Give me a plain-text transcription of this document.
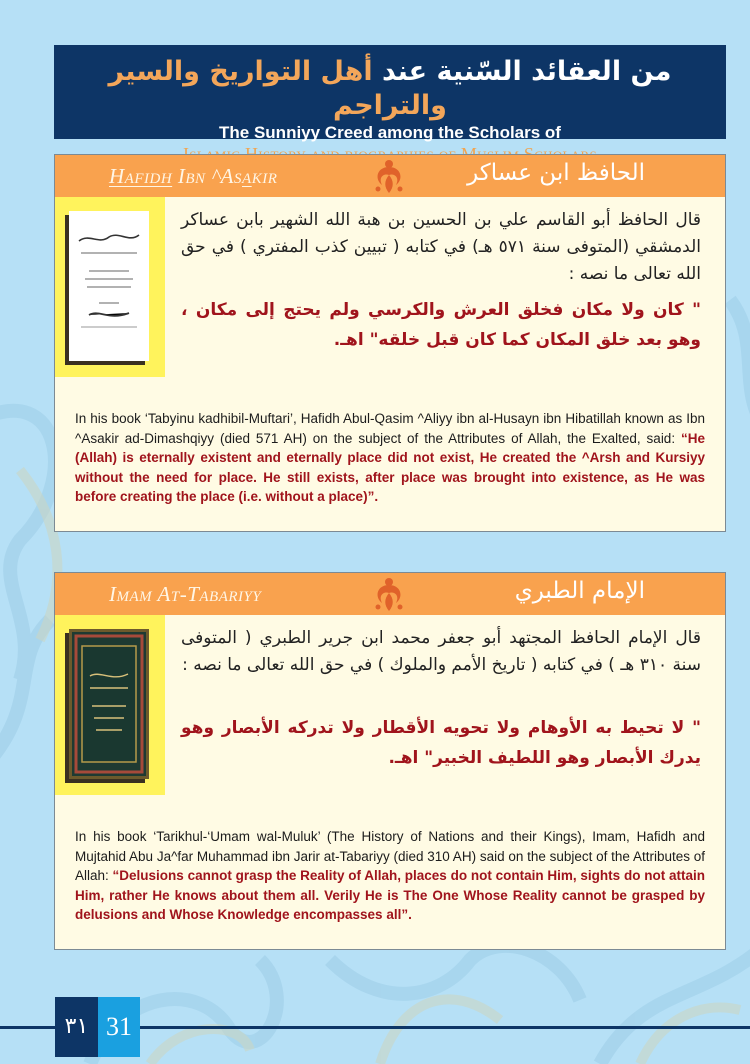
من العقائد السّنية عند أهل التواريخ والسير والتراجم
The Sunniyy Creed among the Scholars of
Hafidh Ibn ^Asakir	الحافظ ابن عساكر
قال الحافظ أبو القاسم علي بن الحسين بن هبة الله الشهير بابن عساكر الدمشقي (المتوفى سنة ٥٧١ هـ) في كتابه ( تبيين كذب المفتري ) في حق الله تعالى ما نصه :
" كان ولا مكان فخلق العرش والكرسي ولم يحتج إلى مكان ، وهو بعد خلق المكان كما كان قبل خلقه" اهـ.
In his book ‘Tabyinu kadhibil-Muftari’, Hafidh Abul-Qasim ^Aliyy ibn al-Husayn ibn Hibatillah known as Ibn ^Asakir ad-Dimashqiyy (died 571 AH) on the subject of the Attributes of Allah, the Exalted, said: “He (Allah) is eternally existent and eternally place did not exist, He created the ^Arsh and Kursiyy without the need for place. He still exists, after place was brought into existence, as He was before creating the place (i.e. without a place)”.
Imam At-Tabariyy	الإمام الطبري
قال الإمام الحافظ المجتهد أبو جعفر محمد ابن جرير الطبري ( المتوفى سنة ٣١٠ هـ ) في كتابه ( تاريخ الأمم والملوك ) في حق الله تعالى ما نصه :
" لا تحيط به الأوهام ولا تحويه الأقطار ولا تدركه الأبصار وهو يدرك الأبصار وهو اللطيف الخبير" اهـ.
In his book ‘Tarikhul-‘Umam wal-Muluk’ (The History of Nations and their Kings), Imam, Hafidh and Mujtahid Abu Ja^far Muhammad ibn Jarir at-Tabariyy (died 310 AH) said on the subject of the Attributes of Allah: “Delusions cannot grasp the Reality of Allah, places do not contain Him, sights do not attain Him, rather He knows about them all. Verily He is The One Whose Reality cannot be grasped by delusions and Whose Knowledge encompasses all”.
٣١ 31
